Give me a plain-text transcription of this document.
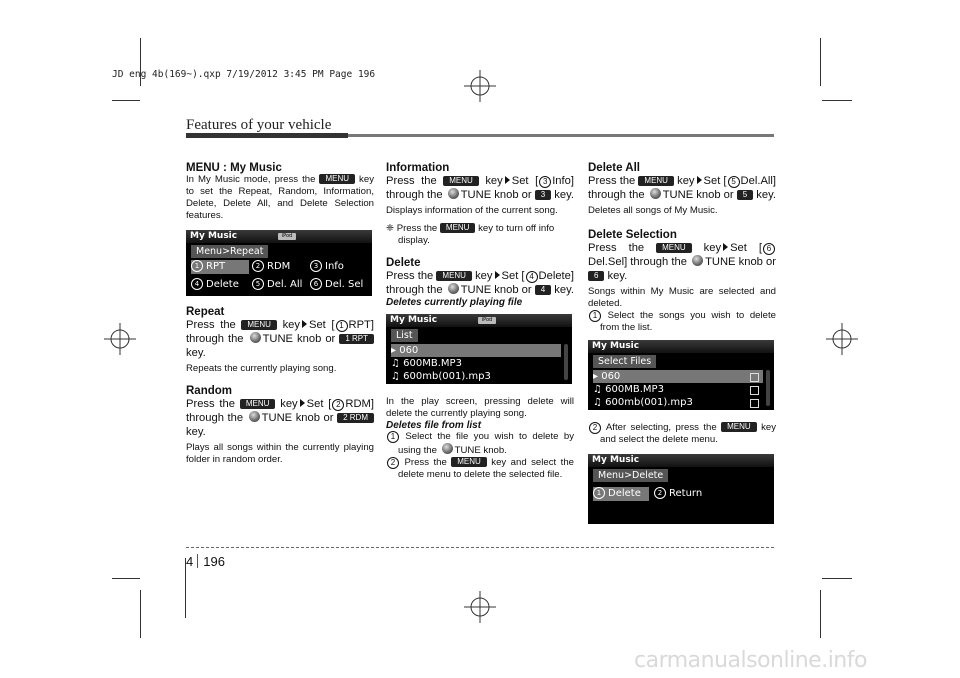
JD eng 4b(169~).qxp 7/19/2012 3:45 PM Page 196
Features of your vehicle

MENU : My Music

In My Music mode, press the MENU key to set the Repeat, Random, Information, Delete, Delete All, and Delete Selection features.

My Music	iPod
Menu>Repeat
1 RPT	2 RDM	3 Info
4 Delete	5 Del. All	6 Del. Sel

Repeat

Press the MENU key Set [ 1 RPT] through the TUNE knob or 1 RPT key.

Repeats the currently playing song.

Random

Press the MENU key Set [ 2 RDM] through the TUNE knob or 2 RDM key.

Plays all songs within the currently playing folder in random order.

Information

Press the MENU key Set [ 3 Info] through the TUNE knob or 3 key.

Displays information of the current song.

❈ Press the MENU key to turn off info display.

Delete

Press the MENU key Set [ 4 Delete] through the TUNE knob or 4 key.

Deletes currently playing file

My Music	iPod
List
▸ 060
♫ 600MB.MP3
♫ 600mb(001).mp3

In the play screen, pressing delete will delete the currently playing song.

Deletes file from list

1 Select the file you wish to delete by using the TUNE knob.

2 Press the MENU key and select the delete menu to delete the selected file.

Delete All

Press the MENU key Set [ 5 Del.All] through the TUNE knob or 5 key.

Deletes all songs of My Music.

Delete Selection

Press the MENU key Set [ 6Del.Sel] through the TUNE knob or 6 key.

Songs within My Music are selected and deleted.

1 Select the songs you wish to delete from the list.

My Music
Select Files
▸ 060
♫ 600MB.MP3
♫ 600mb(001).mp3

2 After selecting, press the MENU key and select the delete menu.

My Music
Menu>Delete
1 Delete	2 Return
4 196
carmanualsonline.info
